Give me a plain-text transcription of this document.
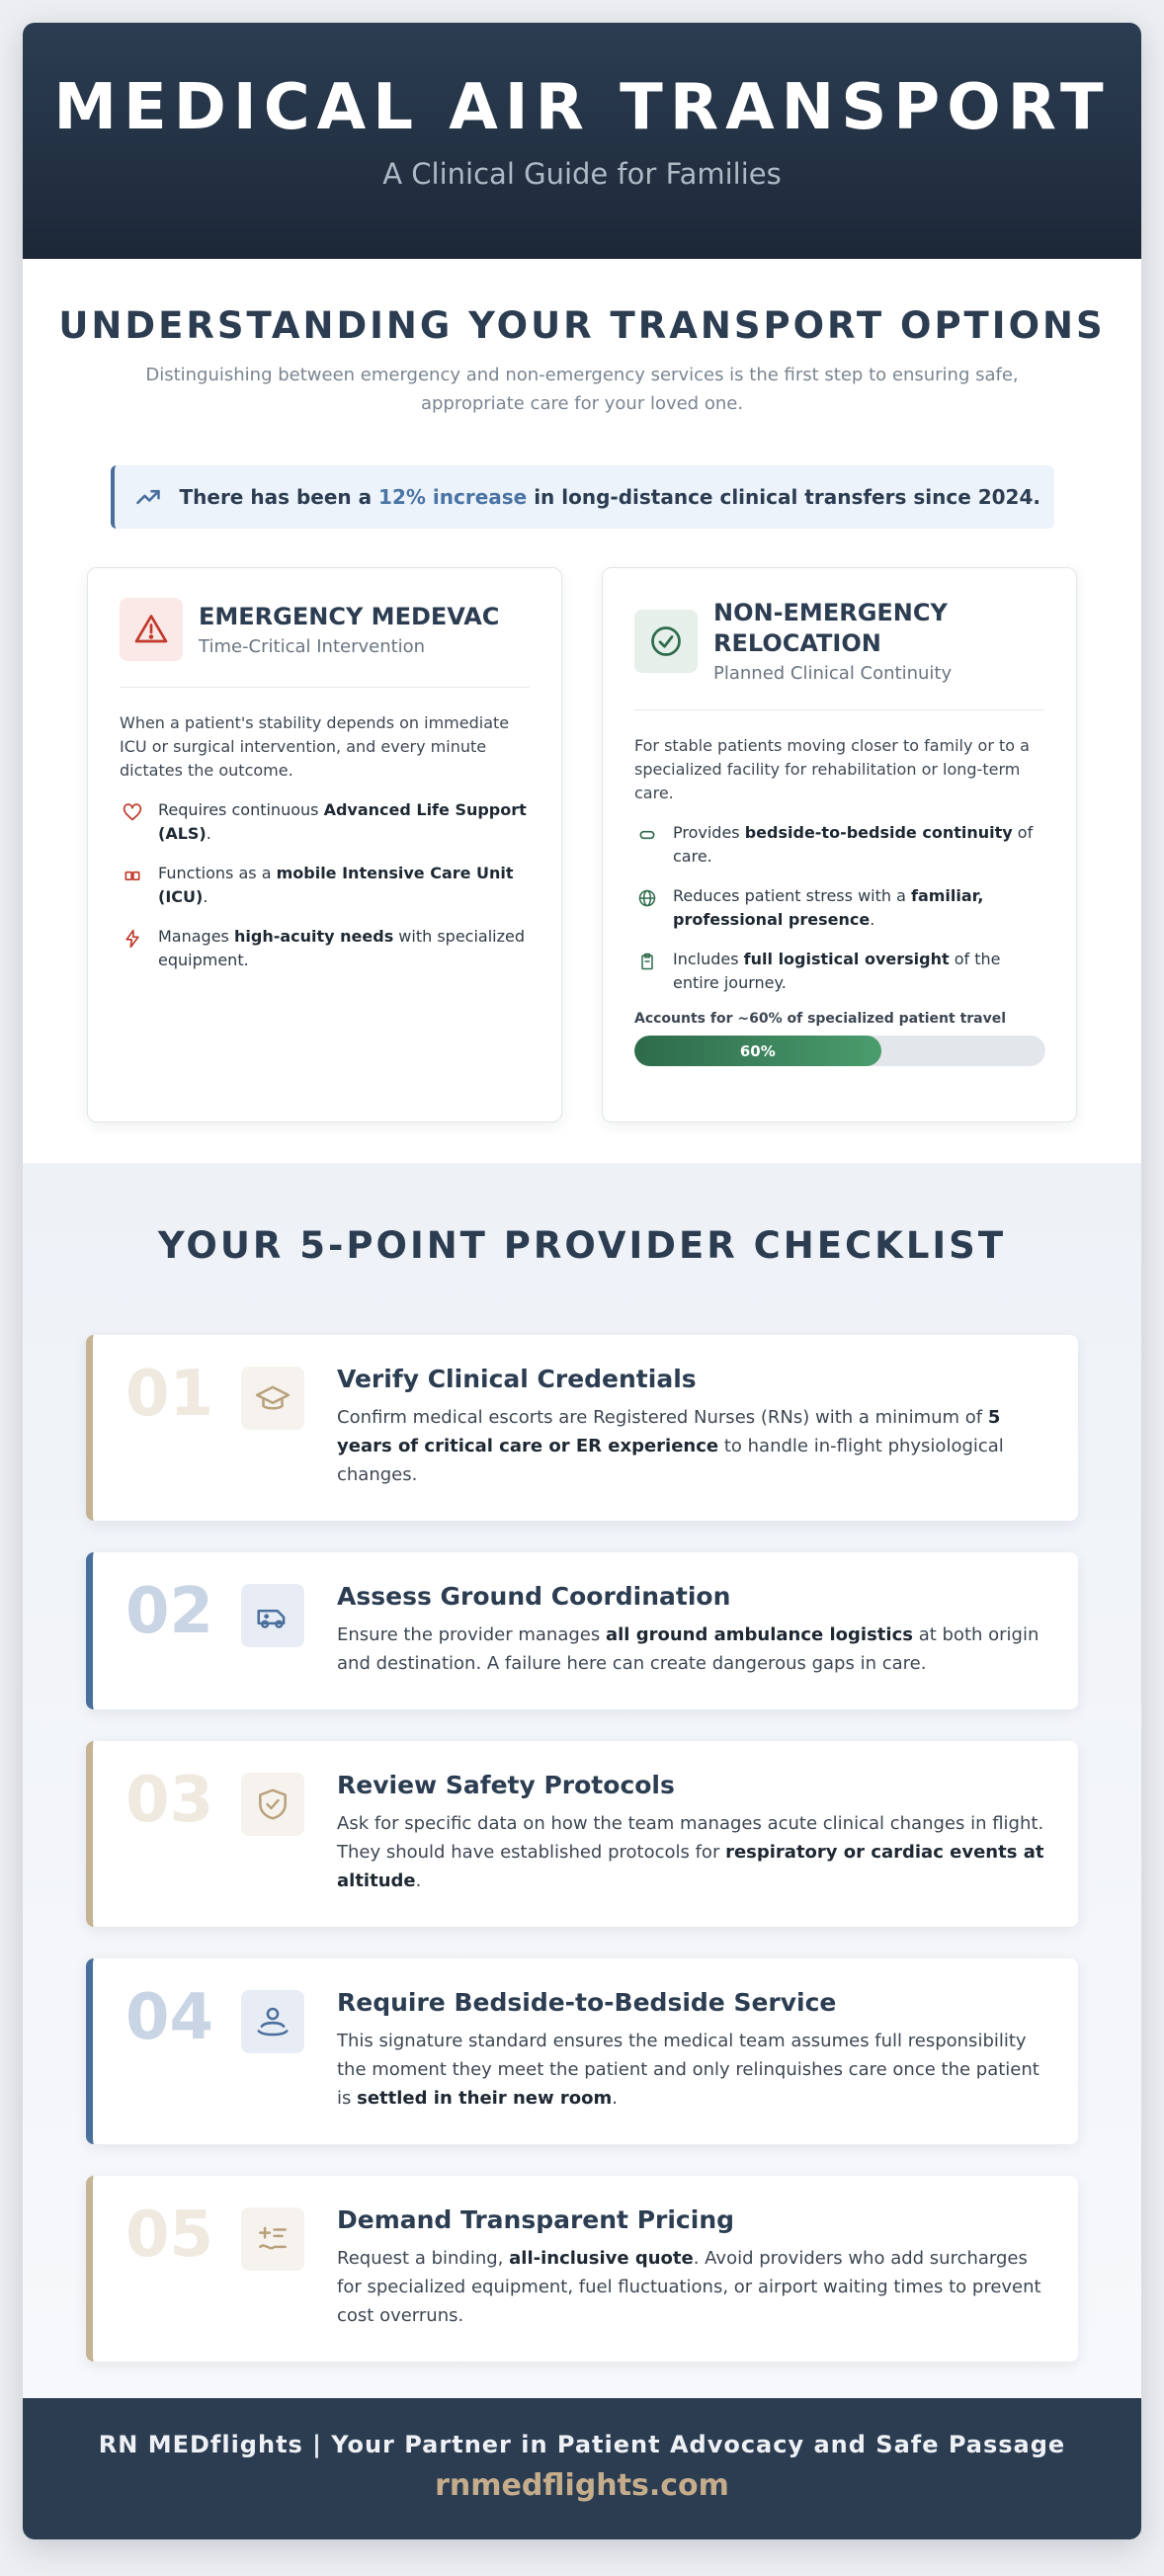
MEDICAL AIR TRANSPORT
A Clinical Guide for Families
UNDERSTANDING YOUR TRANSPORT OPTIONS

Distinguishing between emergency and non-emergency services is the first step to ensuring safe, appropriate care for your loved one.

There has been a 12% increase in long-distance clinical transfers since 2024.
EMERGENCY MEDEVAC
Time-Critical Intervention
When a patient's stability depends on immediate ICU or surgical intervention, and every minute dictates the outcome.
Requires continuous Advanced Life Support (ALS).
Functions as a mobile Intensive Care Unit (ICU).
Manages high-acuity needs with specialized equipment.
NON-EMERGENCY RELOCATION
Planned Clinical Continuity
For stable patients moving closer to family or to a specialized facility for rehabilitation or long-term care.
Provides bedside-to-bedside continuity of care.
Reduces patient stress with a familiar, professional presence.
Includes full logistical oversight of the entire journey.
Accounts for ~60% of specialized patient travel
60%
YOUR 5-POINT PROVIDER CHECKLIST
01	Verify Clinical Credentials

Confirm medical escorts are Registered Nurses (RNs) with a minimum of 5 years of critical care or ER experience to handle in-flight physiological changes.

02	Assess Ground Coordination

Ensure the provider manages all ground ambulance logistics at both origin and destination. A failure here can create dangerous gaps in care.

03	Review Safety Protocols

Ask for specific data on how the team manages acute clinical changes in flight. They should have established protocols for respiratory or cardiac events at altitude.

04	Require Bedside-to-Bedside Service

This signature standard ensures the medical team assumes full responsibility the moment they meet the patient and only relinquishes care once the patient is settled in their new room.

05	Demand Transparent Pricing

Request a binding, all-inclusive quote. Avoid providers who add surcharges for specialized equipment, fuel fluctuations, or airport waiting times to prevent cost overruns.

RN MEDflights | Your Partner in Patient Advocacy and Safe Passage
rnmedflights.com
